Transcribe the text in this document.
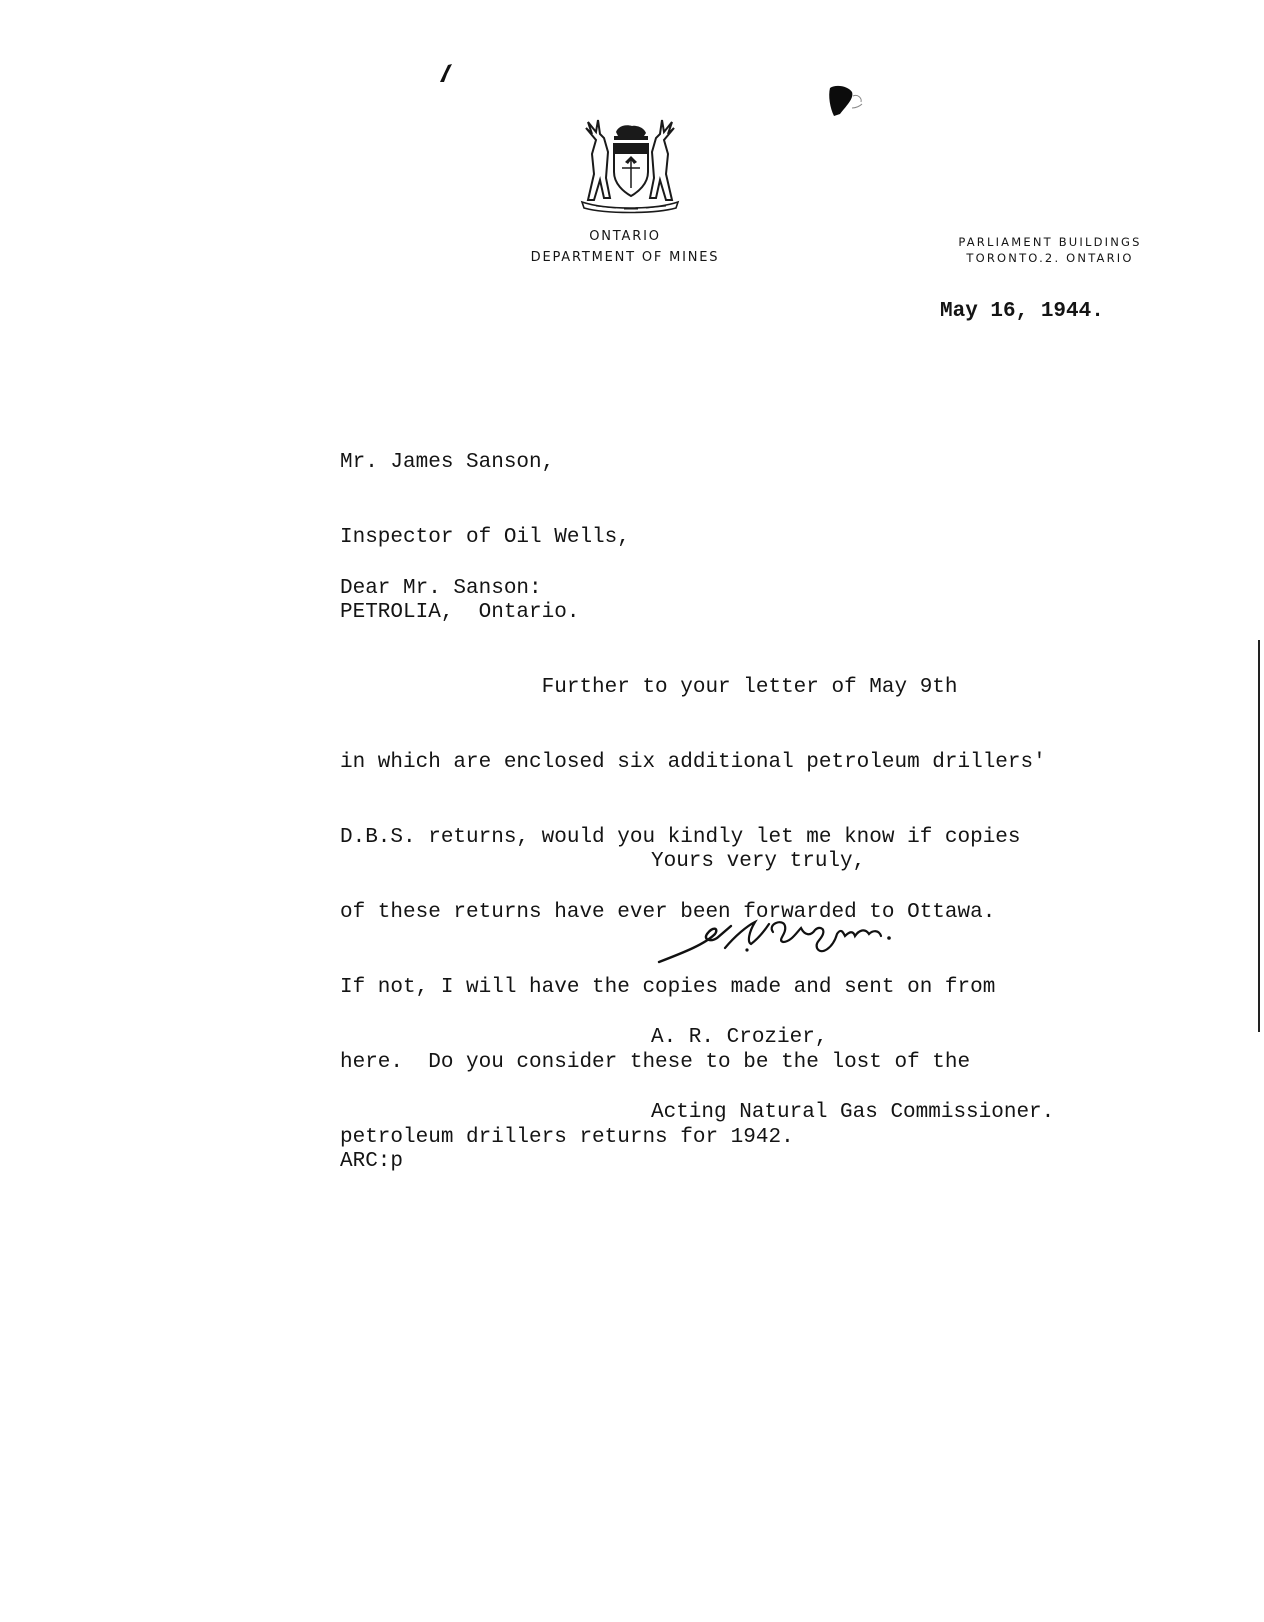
ONTARIO
DEPARTMENT OF MINES
PARLIAMENT BUILDINGS
TORONTO.2. ONTARIO
May 16, 1944.

Mr. James Sanson,

Inspector of Oil Wells,

PETROLIA,  Ontario.

Dear Mr. Sanson:

Further to your letter of May 9th

in which are enclosed six additional petroleum drillers'

D.B.S. returns, would you kindly let me know if copies

of these returns have ever been forwarded to Ottawa.

If not, I will have the copies made and sent on from

here.  Do you consider these to be the lost of the

petroleum drillers returns for 1942.

Yours very truly,

A. R. Crozier,

Acting Natural Gas Commissioner.

ARC:p
